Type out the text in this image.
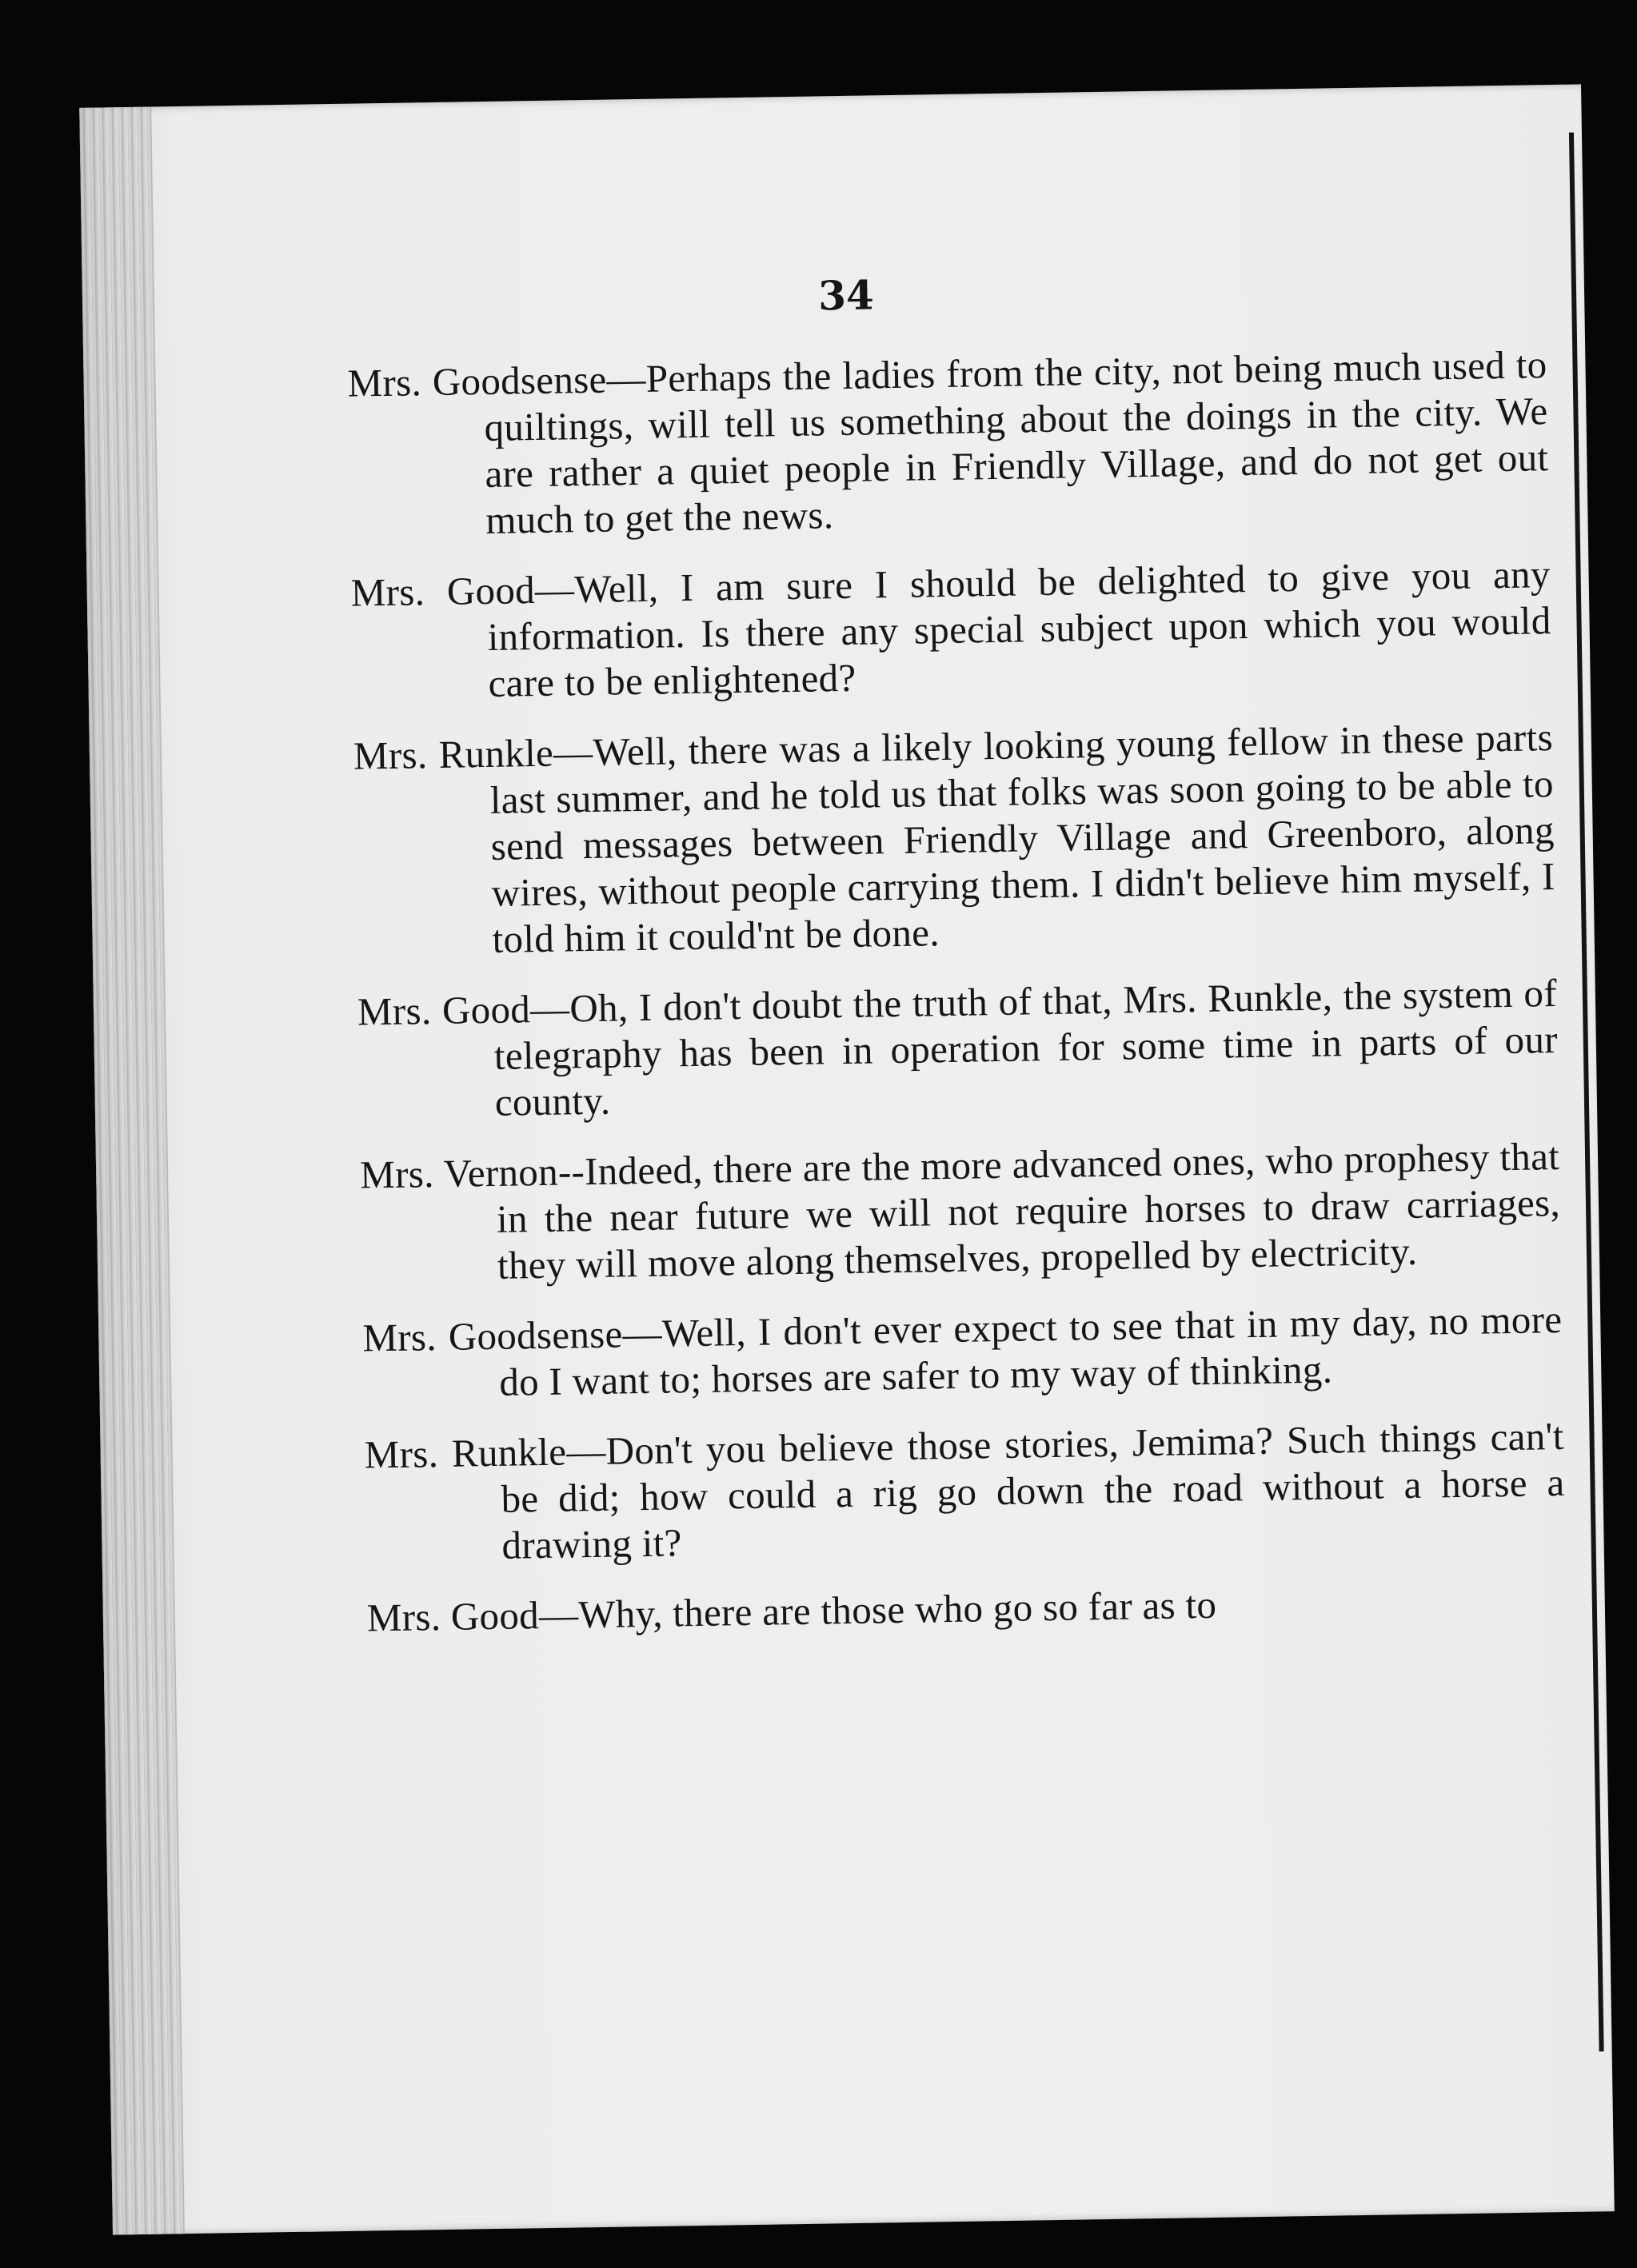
34

Mrs. Goodsense—Perhaps the ladies from the city, not being much used to quiltings, will tell us something about the doings in the city. We are rather a quiet people in Friendly Village, and do not get out much to get the news.

Mrs. Good—Well, I am sure I should be delighted to give you any information. Is there any special subject upon which you would care to be enlightened?

Mrs. Runkle—Well, there was a likely looking young fellow in these parts last summer, and he told us that folks was soon going to be able to send messages between Friendly Village and Greenboro, along wires, without people carrying them. I didn't believe him myself, I told him it could'nt be done.

Mrs. Good—Oh, I don't doubt the truth of that, Mrs. Runkle, the system of telegraphy has been in operation for some time in parts of our county.

Mrs. Vernon--Indeed, there are the more advanced ones, who prophesy that in the near future we will not require horses to draw carriages, they will move along themselves, propelled by electricity.

Mrs. Goodsense—Well, I don't ever expect to see that in my day, no more do I want to; horses are safer to my way of thinking.

Mrs. Runkle—Don't you believe those stories, Jemima? Such things can't be did; how could a rig go down the road without a horse a drawing it?

Mrs. Good—Why, there are those who go so far as to
